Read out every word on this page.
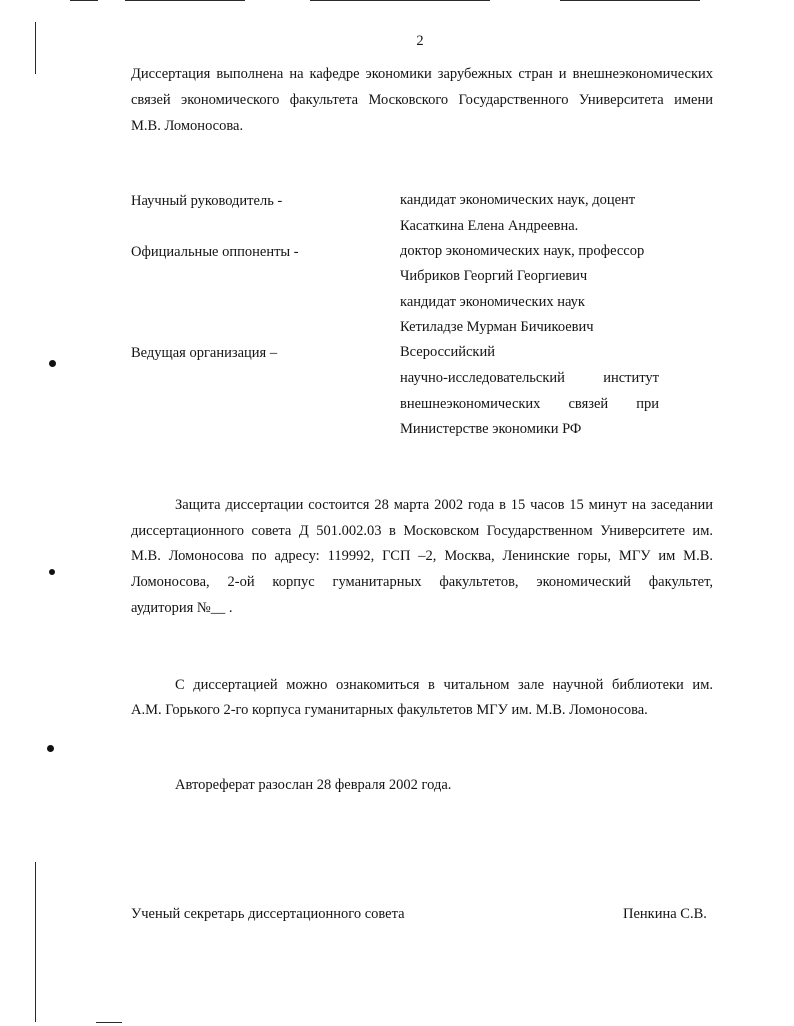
2
Диссертация выполнена на кафедре экономики зарубежных стран и внешнеэкономических
связей экономического факультета Московского Государственного Университета имени
М.В. Ломоносова.
Научный руководитель -	кандидат экономических наук, доцент
Касаткина Елена Андреевна.
Официальные оппоненты -	доктор экономических наук, профессор
Чибриков Георгий Георгиевич
кандидат экономических наук
Кетиладзе Мурман Бичикоевич
Ведущая организация –	Всероссийский
научно-исследовательский институт
внешнеэкономических связей при
Министерстве экономики РФ
Защита диссертации состоится 28 марта 2002 года в 15 часов 15 минут на заседании
диссертационного совета Д 501.002.03 в Московском Государственном Университете им.
М.В. Ломоносова по адресу: 119992, ГСП –2, Москва, Ленинские горы, МГУ им М.В.
Ломоносова, 2-ой корпус гуманитарных факультетов, экономический факультет,
аудитория №__ .
С диссертацией можно ознакомиться в читальном зале научной библиотеки им.
А.М. Горького 2-го корпуса гуманитарных факультетов МГУ им. М.В. Ломоносова.
Автореферат разослан 28 февраля 2002 года.
Ученый секретарь диссертационного совета	Пенкина С.В.
